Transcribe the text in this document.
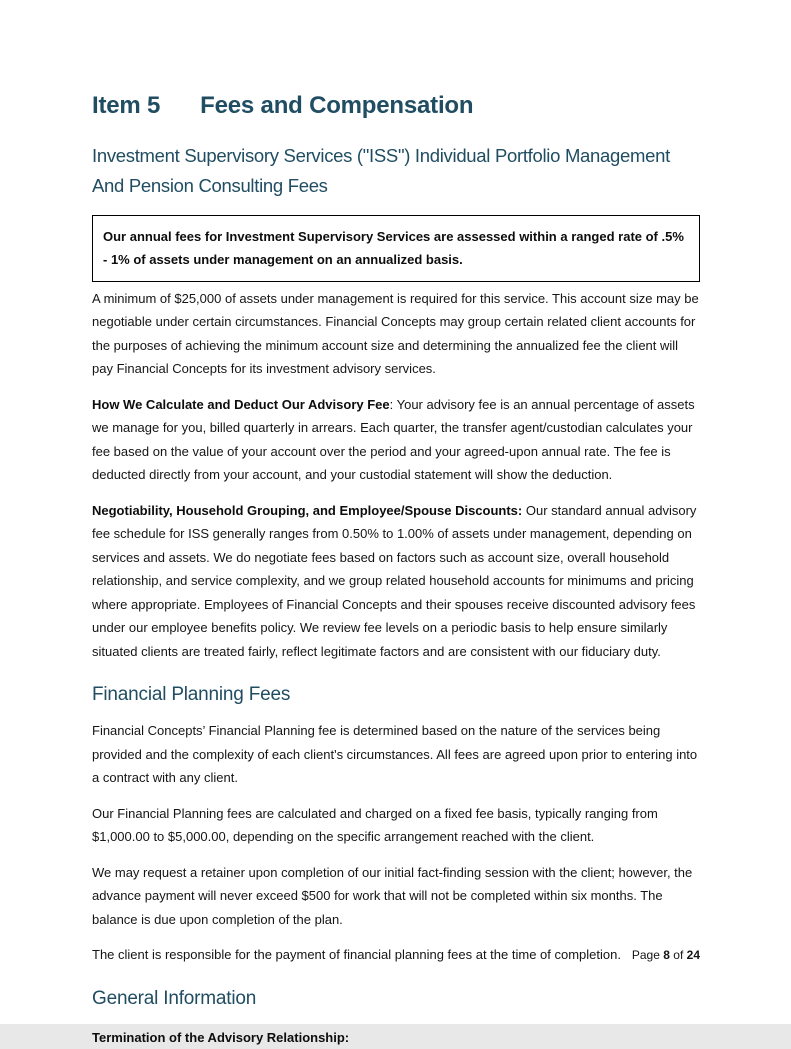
Item 5 Fees and Compensation
Investment Supervisory Services ("ISS") Individual Portfolio Management
And Pension Consulting Fees

Our annual fees for Investment Supervisory Services are assessed within a ranged rate of .5% - 1% of assets under management on an annualized basis.

A minimum of $25,000 of assets under management is required for this service. This account size may be negotiable under certain circumstances. Financial Concepts may group certain related client accounts for the purposes of achieving the minimum account size and determining the annualized fee the client will pay Financial Concepts for its investment advisory services.

How We Calculate and Deduct Our Advisory Fee: Your advisory fee is an annual percentage of assets we manage for you, billed quarterly in arrears. Each quarter, the transfer agent/custodian calculates your fee based on the value of your account over the period and your agreed-upon annual rate. The fee is deducted directly from your account, and your custodial statement will show the deduction.

Negotiability, Household Grouping, and Employee/Spouse Discounts: Our standard annual advisory fee schedule for ISS generally ranges from 0.50% to 1.00% of assets under management, depending on services and assets. We do negotiate fees based on factors such as account size, overall household relationship, and service complexity, and we group related household accounts for minimums and pricing where appropriate. Employees of Financial Concepts and their spouses receive discounted advisory fees under our employee benefits policy. We review fee levels on a periodic basis to help ensure similarly situated clients are treated fairly, reflect legitimate factors and are consistent with our fiduciary duty.

Financial Planning Fees

Financial Concepts’ Financial Planning fee is determined based on the nature of the services being provided and the complexity of each client's circumstances. All fees are agreed upon prior to entering into a contract with any client.

Our Financial Planning fees are calculated and charged on a fixed fee basis, typically ranging from $1,000.00 to $5,000.00, depending on the specific arrangement reached with the client.

We may request a retainer upon completion of our initial fact-finding session with the client; however, the advance payment will never exceed $500 for work that will not be completed within six months. The balance is due upon completion of the plan.

The client is responsible for the payment of financial planning fees at the time of completion.

General Information

Termination of the Advisory Relationship:

Page 8 of 24
